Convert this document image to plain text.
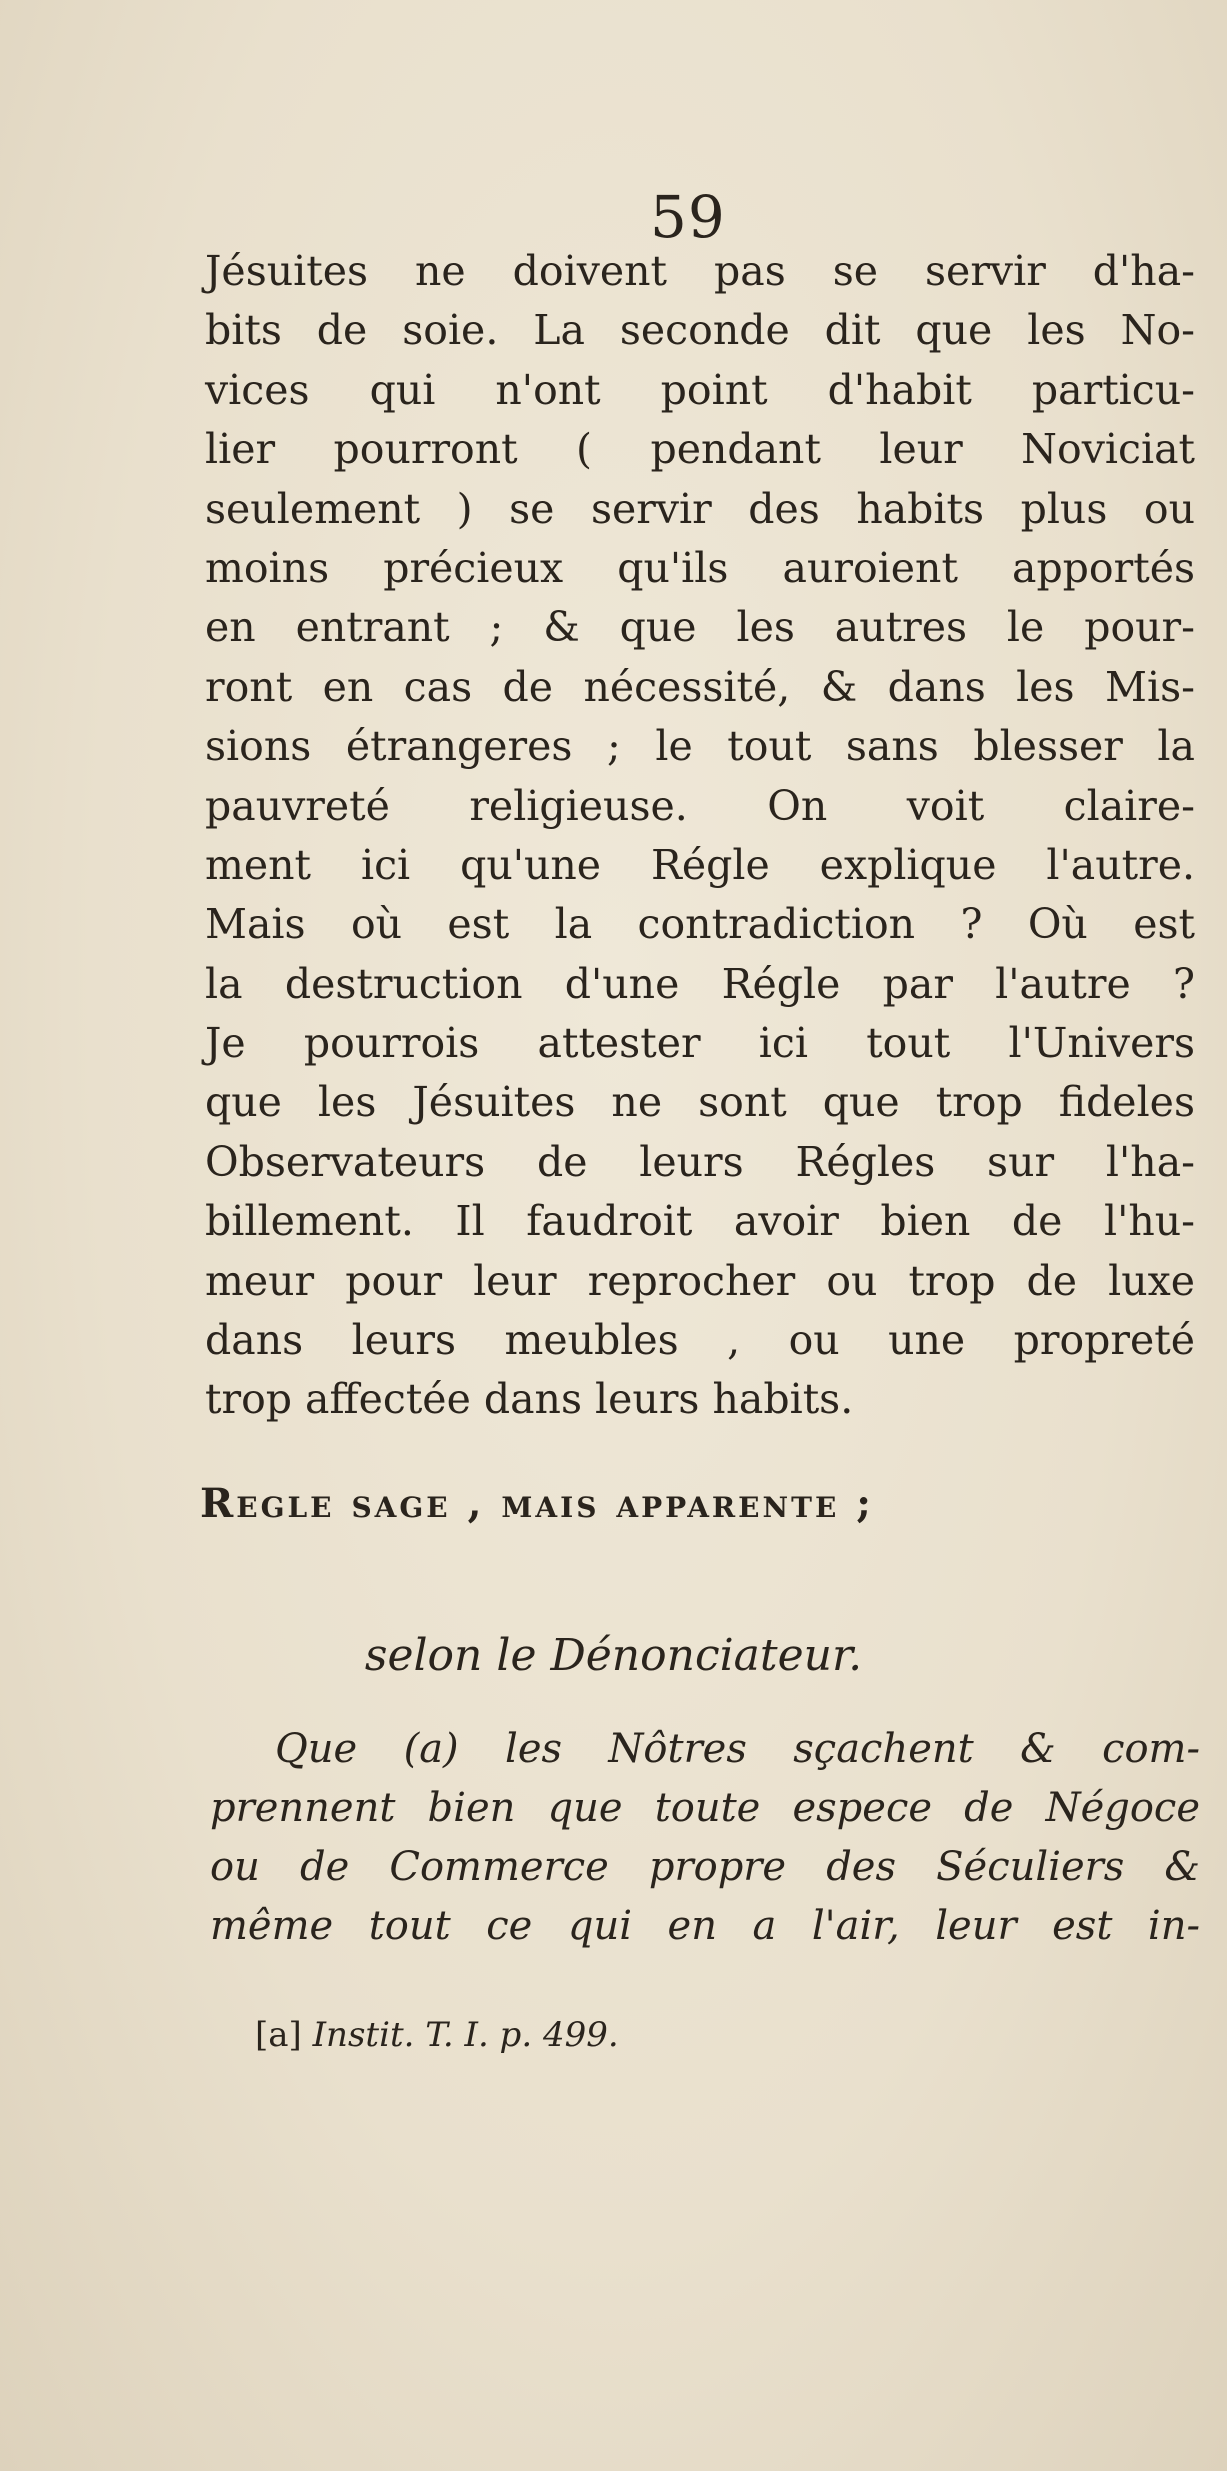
59
Jésuites ne doivent pas se servir d'ha-
bits de soie. La seconde dit que les No-
vices qui n'ont point d'habit particu-
lier pourront ( pendant leur Noviciat
seulement ) se servir des habits plus ou
moins précieux qu'ils auroient apportés
en entrant ; & que les autres le pour-
ront en cas de nécessité, & dans les Mis-
sions étrangeres ; le tout sans blesser la
pauvreté religieuse. On voit claire-
ment ici qu'une Régle explique l'autre.
Mais où est la contradiction ? Où est
la destruction d'une Régle par l'autre ?
Je pourrois attester ici tout l'Univers
que les Jésuites ne sont que trop fideles
Observateurs de leurs Régles sur l'ha-
billement. Il faudroit avoir bien de l'hu-
meur pour leur reprocher ou trop de luxe
dans leurs meubles , ou une propreté
trop affectée dans leurs habits.
Regle sage , mais apparente ;
selon le Dénonciateur.
Que (a) les Nôtres sçachent & com-
prennent bien que toute espece de Négoce
ou de Commerce propre des Séculiers &
même tout ce qui en a l'air, leur est in-
[a] Instit. T. I. p. 499.
